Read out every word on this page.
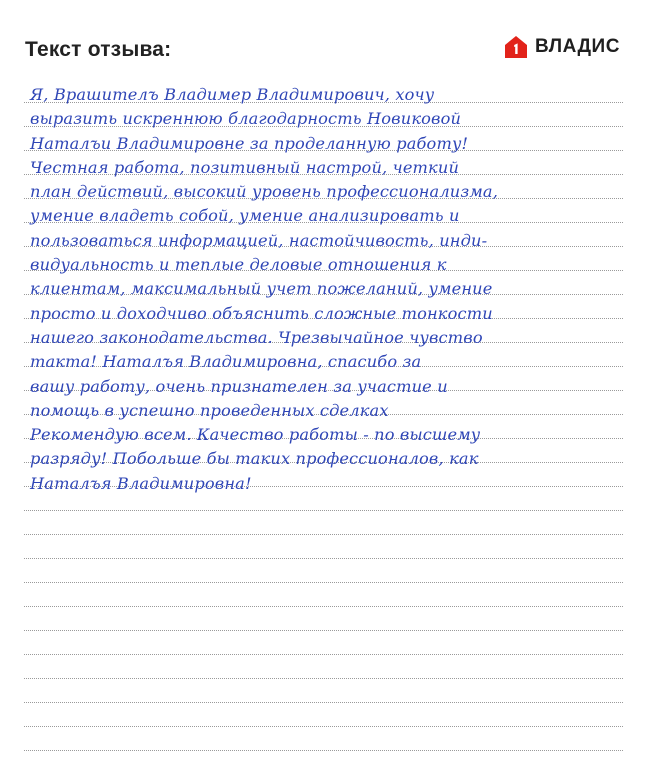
Текст отзыва:	ВЛАДИС
Я, Врашителъ Владимер Владимирович, хочу
выразить искреннюю благодарность Новиковой
Наталъи Владимировне за проделанную работу!
Честная работа, позитивный настрой, четкий
план действий, высокий уровень профессионализма,
умение владеть собой, умение анализировать и
пользоваться информацией, настойчивость, инди-
видуальность и теплые деловые отношения к
клиентам, максимальный учет пожеланий, умение
просто и доходчиво объяснить сложные тонкости
нашего законодательства. Чрезвычайное чувство
такта! Наталъя Владимировна, спасибо за
вашу работу, очень признателен за участие и
помощь в успешно проведенных сделках
Рекомендую всем. Качество работы - по высшему
разряду! Побольше бы таких профессионалов, как
Наталъя Владимировна!
